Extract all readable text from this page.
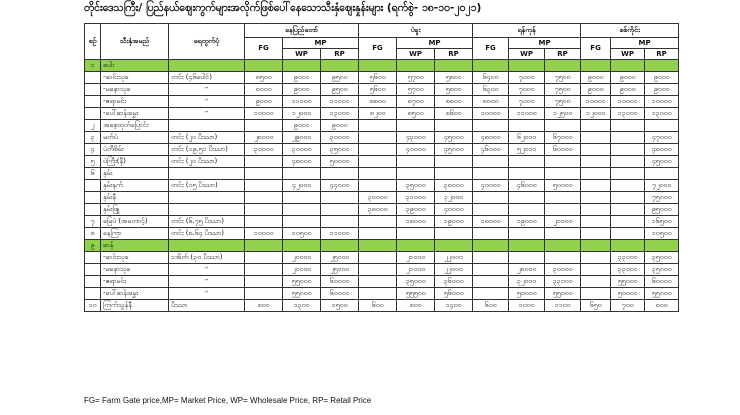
တိုင်းဒေသကြီး/ ပြည်နယ်ဈေးကွက်များအလိုက်ဖြစ်ပေါ်နေသောသီးနှံဈေးနှုန်းများ (ရက်စွဲ- ၁၈-၁၀-၂၀၂၁)
စဉ်	သီးနှံအမည်	ရေတွက်ပုံ	နေပြည်တော်			ပဲခူး			ရန်ကုန်			စစ်ကိုင်း		
			FG	MP		FG	MP		FG	MP		FG	MP	
				WP	RP		WP	RP		WP	RP		WP	RP
၁	စပါး													
	-ဆင်းသုခ	တင်း (၄၆ပေါင်)	၈၅၀၀	၉၀၀၀	၉၅၀၀	၅၆၀၀	၅၇၀၀	၅၈၀၀	၆၄၀၀	၇၀၀၀	၇၅၀၀	၉၀၀၀	၉၀၀၀	၉၀၀၀
	-မနောသုခ	״	၈၀၀၀	၉၀၀၀	၉၅၀၀	၅၆၀၀	၅၇၀၀	၅၈၀၀	၆၃၀၀	၇၀၀၀	၇၅၀၀	၉၀၀၀	၉၀၀၀	၉၀၀၀
	-ဧရာမင်း	״	၉၀၀၀	၁၁၀၀၀	၁၁၀၀၀	၈၈၀၀	၈၇၀၀	၈၈၀၀	၈၀၀၀	၇၀၀၀	၇၅၀၀	၁၀၀၀၀	၁၀၀၀၀	၁၀၀၀၀
	-ပေါ်ဆန်းမွှေး	״	၁၀၀၀၀	၁၂၀၀၀	၁၃၀၀၀	၈၂၀၀	၈၅၀၀	၈၆၀၀	၁၀၀၀၀	၁၁၀၀၀	၁၂၅၀၀	၁၂၀၀၀	၁၃၀၀၀	၁၃၀၀၀
၂	အစေ့ထုတ်ပြောင်း			၉၀၀၀	၉၀၀၀									
၃	မတ်ပဲ	တင်း (၂၀ ပိဿာ)	၂၈၀၀၀	၂၉၀၀၀	၃၀၀၀၀		၄၃၀၀၀	၄၅၀၀၀	၄၈၀၀၀	၆၂၀၀၀	၆၇၀၀၀			၄၇၀၀၀
၄	ပဲတီစိမ်း	တင်း (၁၉.၅၁ ပိဿာ)	၃၀၀၀၀	၃၀၀၀၀	၃၅၀၀၀		၄၀၀၀၀	၄၅၀၀၀	၄၆၀၀၀	၅၂၀၀၀	၆၀၀၀၀			၄၈၀၀၀
၅	ပဲကြီး(နီ)	တင်း (၂၀ ပိဿာ)		၄၈၀၀၀	၅၀၀၀၀									၄၅၀၀၀
၆	နှမ်း													
	နှမ်းနက်	တင်း (၁၅ ပိဿာ)		၄၂၀၀၀	၄၄၀၀၀		၃၅၀၀၀	၃၈၀၀၀	၄၀၀၀၀	၄၆၀၀၀	၅၀၀၀၀			၇၂၀၀၀
	နှမ်းနီ					၃၀၀၀၀	၃၁၀၀၀	၃၂၀၀၀						၇၅၀၀၀
	နှမ်းဖြူ					၃၈၀၀၀	၃၉၀၀၀	၄၀၀၀၀						၉၅၀၀၀
၇	မြေပဲ (အတောင့်)	တင်း (၆.၇၅ ပိဿာ)					၁၈၀၀၀	၁၉၀၀၀	၁၈၀၀၀	၁၉၀၀၀	၂၀၀၀၀			၁၆၅၀၀
၈	နေကြာ	တင်း (၈.၆၄ ပိဿာ)	၁၀၀၀၀	၁၀၅၀၀	၁၁၀၀၀									၁၀၅၀၀
၉	ဆန်													
	-ဆင်းသုခ	၁အိတ် (၃၀ ပိဿာ)		၂၀၀၀၀	၂၅၀၀၀		၂၁၀၀၀	၂၂၀၀၀					၃၃၀၀၀	၃၅၀၀၀
	-မနောသုခ	״		၂၀၀၀၀	၂၅၀၀၀		၂၁၀၀၀	၂၂၀၀၀		၂၈၀၀၀	၃၀၀၀၀		၃၃၀၀၀	၃၅၀၀၀
	-ဧရာမင်း	״		၅၅၀၀၀	၆၀၀၀၀		၃၅၀၀၀	၃၆၀၀၀		၃၂၀၀၀	၃၃၀၀၀		၅၅၀၀၀	၆၀၀၀၀
	-ပေါ်ဆန်းမွှေး	״		၅၅၀၀၀	၆၀၀၀၀		၅၅၅၀၀	၅၆၀၀၀		၅၀၀၀၀	၅၅၀၀၀		၅၀၀၀၀	၅၅၀၀၀
၁၀	ကြက်သွန်နီ	ပိဿာ	၈၀၀	၁၃၀၀	၁၅၀၀	၆၀၀	၈၀၀	၁၄၀၀	၆၀၀	၁၀၀၀	၁၁၀၀	၆၅၀	၇၀၀	၈၀၀
FG= Farm Gate price,MP= Market Price, WP= Wholesale Price, RP= Retail Price
